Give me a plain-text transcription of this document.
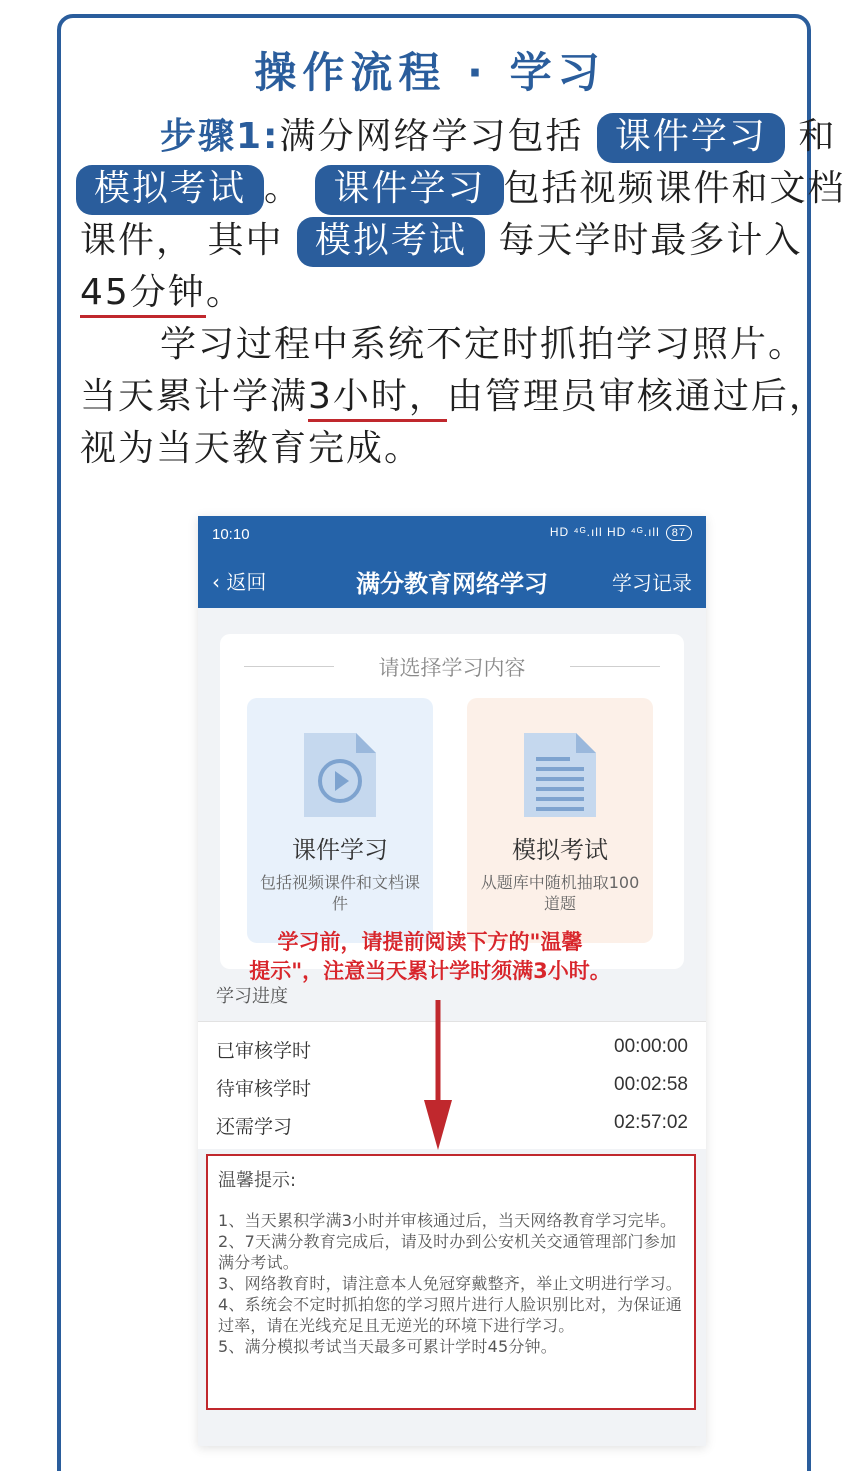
操作流程 · 学习
步骤1:满分网络学习包括 课件学习 和
模拟考试 。 课件学习 包括视频课件和文档
课件， 其中 模拟考试 每天学时最多计入
45分钟。
学习过程中系统不定时抓拍学习照片。
当天累计学满3小时，由管理员审核通过后，
视为当天教育完成。
10:10	HD ⁴ᴳ.ıll HD ⁴ᴳ.ıll 87
‹ 返回	满分教育网络学习	学习记录
请选择学习内容
课件学习
包括视频课件和文档课件
模拟考试
从题库中随机抽取100道题
学习进度
已审核学时	00:00:00
待审核学时	00:02:58
还需学习	02:57:02
温馨提示:
1、当天累积学满3小时并审核通过后，当天网络教育学习完毕。
2、7天满分教育完成后，请及时办到公安机关交通管理部门参加满分考试。
3、网络教育时，请注意本人免冠穿戴整齐，举止文明进行学习。
4、系统会不定时抓拍您的学习照片进行人脸识别比对，为保证通过率，请在光线充足且无逆光的环境下进行学习。
5、满分模拟考试当天最多可累计学时45分钟。
学习前，请提前阅读下方的"温馨
提示"，注意当天累计学时须满3小时。
